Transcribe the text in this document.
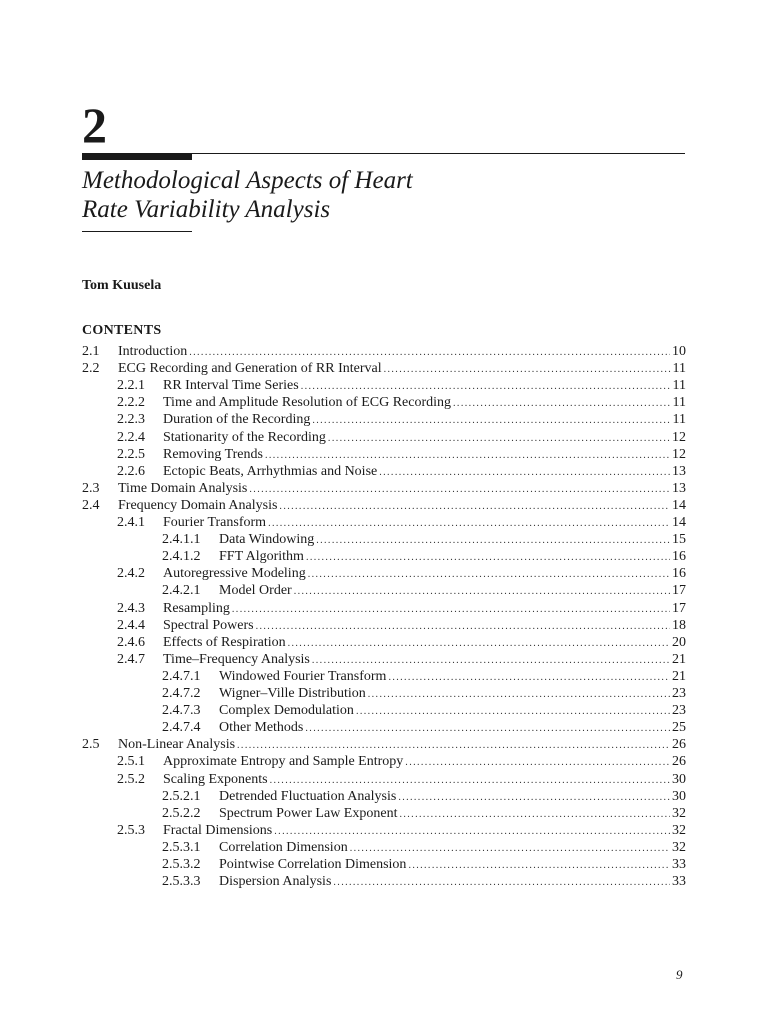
2
Methodological Aspects of Heart
Rate Variability Analysis
Tom Kuusela
CONTENTS
2.1	Introduction .....	10
2.2	ECG Recording and Generation of RR Interval .....	11
2.2.1	RR Interval Time Series .....	11
2.2.2	Time and Amplitude Resolution of ECG Recording .....	11
2.2.3	Duration of the Recording .....	11
2.2.4	Stationarity of the Recording .....	12
2.2.5	Removing Trends .....	12
2.2.6	Ectopic Beats, Arrhythmias and Noise .....	13
2.3	Time Domain Analysis .....	13
2.4	Frequency Domain Analysis .....	14
2.4.1	Fourier Transform .....	14
2.4.1.1	Data Windowing .....	15
2.4.1.2	FFT Algorithm .....	16
2.4.2	Autoregressive Modeling .....	16
2.4.2.1	Model Order .....	17
2.4.3	Resampling .....	17
2.4.4	Spectral Powers .....	18
2.4.6	Effects of Respiration .....	20
2.4.7	Time–Frequency Analysis .....	21
2.4.7.1	Windowed Fourier Transform .....	21
2.4.7.2	Wigner–Ville Distribution .....	23
2.4.7.3	Complex Demodulation .....	23
2.4.7.4	Other Methods .....	25
2.5	Non-Linear Analysis .....	26
2.5.1	Approximate Entropy and Sample Entropy .....	26
2.5.2	Scaling Exponents .....	30
2.5.2.1	Detrended Fluctuation Analysis .....	30
2.5.2.2	Spectrum Power Law Exponent .....	32
2.5.3	Fractal Dimensions .....	32
2.5.3.1	Correlation Dimension .....	32
2.5.3.2	Pointwise Correlation Dimension .....	33
2.5.3.3	Dispersion Analysis .....	33
9
